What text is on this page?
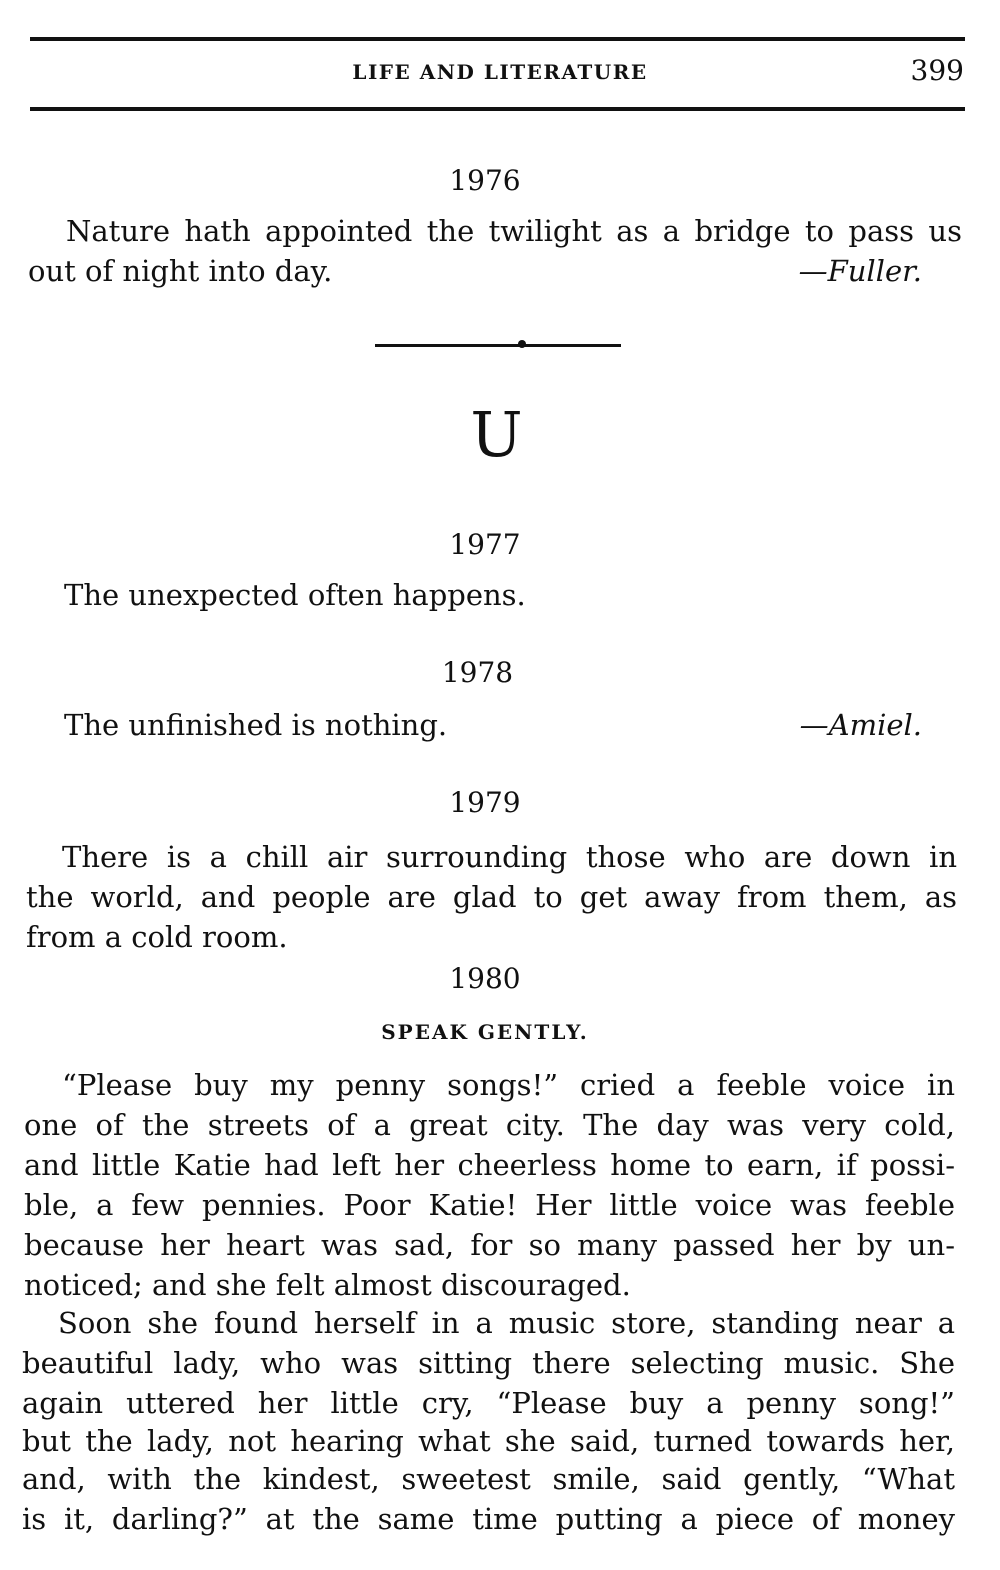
LIFE AND LITERATURE	399
1976
Nature hath appointed the twilight as a bridge to pass us
out of night into day.	—Fuller.
U
1977
The unexpected often happens.
1978
The unfinished is nothing.	—Amiel.
1979
There is a chill air surrounding those who are down in
the world, and people are glad to get away from them, as
from a cold room.
1980
SPEAK GENTLY.
“Please buy my penny songs!” cried a feeble voice in
one of the streets of a great city. The day was very cold,
and little Katie had left her cheerless home to earn, if possi-
ble, a few pennies. Poor Katie! Her little voice was feeble
because her heart was sad, for so many passed her by un-
noticed; and she felt almost discouraged.
Soon she found herself in a music store, standing near a
beautiful lady, who was sitting there selecting music. She
again uttered her little cry, “Please buy a penny song!”
but the lady, not hearing what she said, turned towards her,
and, with the kindest, sweetest smile, said gently, “What
is it, darling?” at the same time putting a piece of money
